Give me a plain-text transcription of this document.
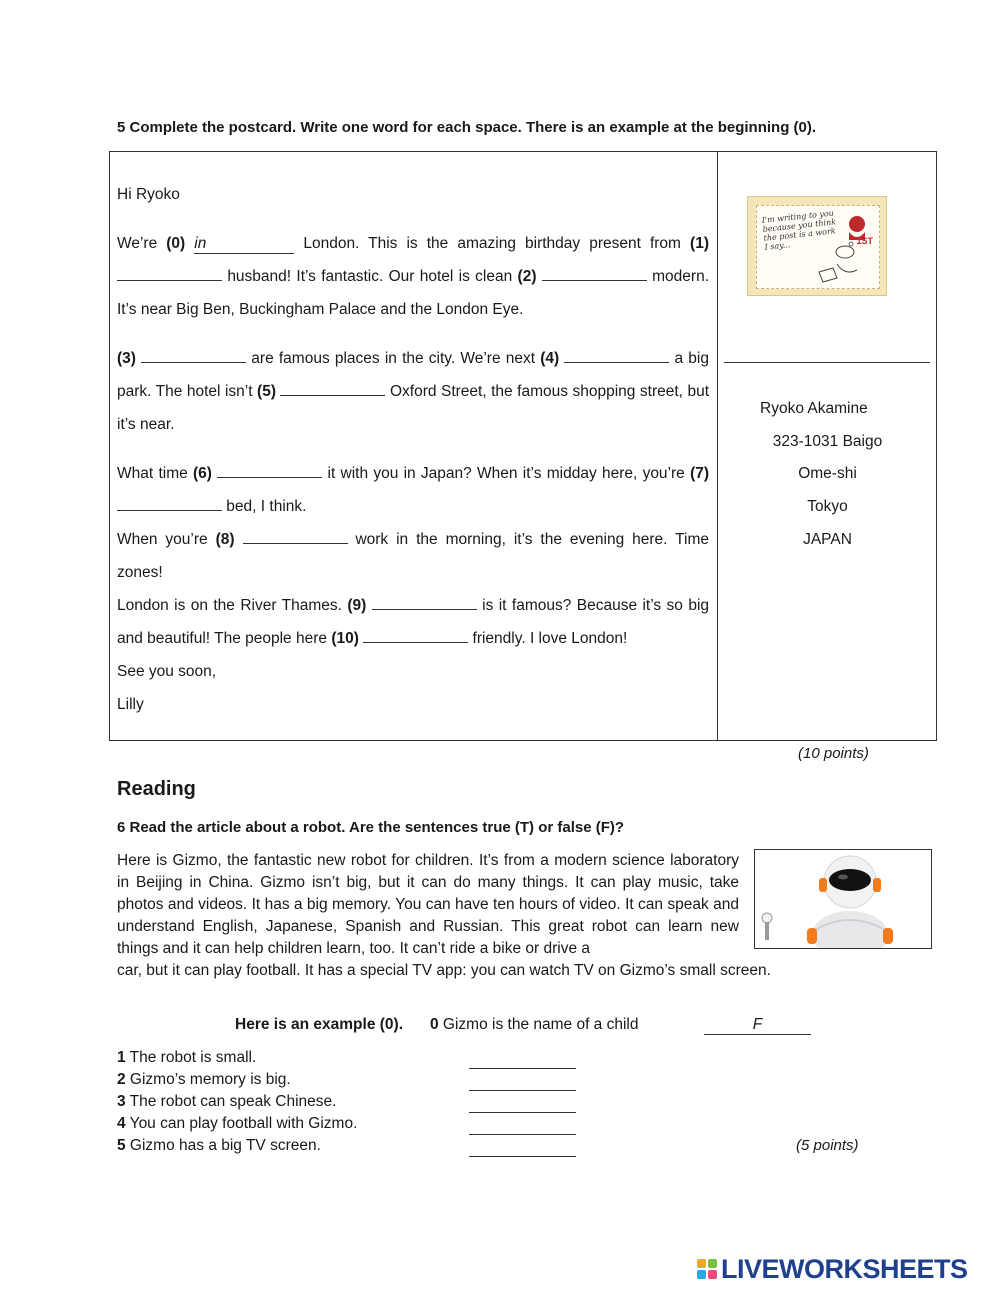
5 Complete the postcard. Write one word for each space. There is an example at the beginning (0).

Hi Ryoko

We’re (0) in	London. This is the amazing birthday present from (1)  husband! It’s fantastic. Our hotel is clean (2)	modern. It’s near Big Ben, Buckingham Palace and the London Eye.

(3)	are famous places in the city. We’re next (4)	a big park. The hotel isn’t (5)	Oxford Street, the famous shopping street, but it’s near.

What time (6)	it with you in Japan? When it’s midday here, you’re (7)  bed, I think.

When you’re (8)	work in the morning, it’s the evening here. Time zones!

London is on the River Thames. (9)	is it famous? Because it’s so big and beautiful! The people here (10)	friendly. I love London!

See you soon,

Lilly

I'm writing to you because you think the post is a work I say...	1ST
Ryoko Akamine
323-1031 Baigo
Ome-shi
Tokyo
JAPAN
(10 points)
Reading
6 Read the article about a robot. Are the sentences true (T) or false (F)?
Here is Gizmo, the fantastic new robot for children. It’s from a modern science laboratory in Beijing in China. Gizmo isn’t big, but it can do many things. It can play music, take photos and videos. It has a big memory. You can have ten hours of video. It can speak and understand English, Japanese, Spanish and Russian. This great robot can learn new things and it can help children learn, too. It can’t ride a bike or drive a
car, but it can play football. It has a special TV app: you can watch TV on Gizmo’s small screen.
Here is an example (0). 0 Gizmo is the name of a child	F
1 The robot is small.
2 Gizmo’s memory is big.
3 The robot can speak Chinese.
4 You can play football with Gizmo.
5 Gizmo has a big TV screen.	(5 points)
LIVEWORKSHEETS
